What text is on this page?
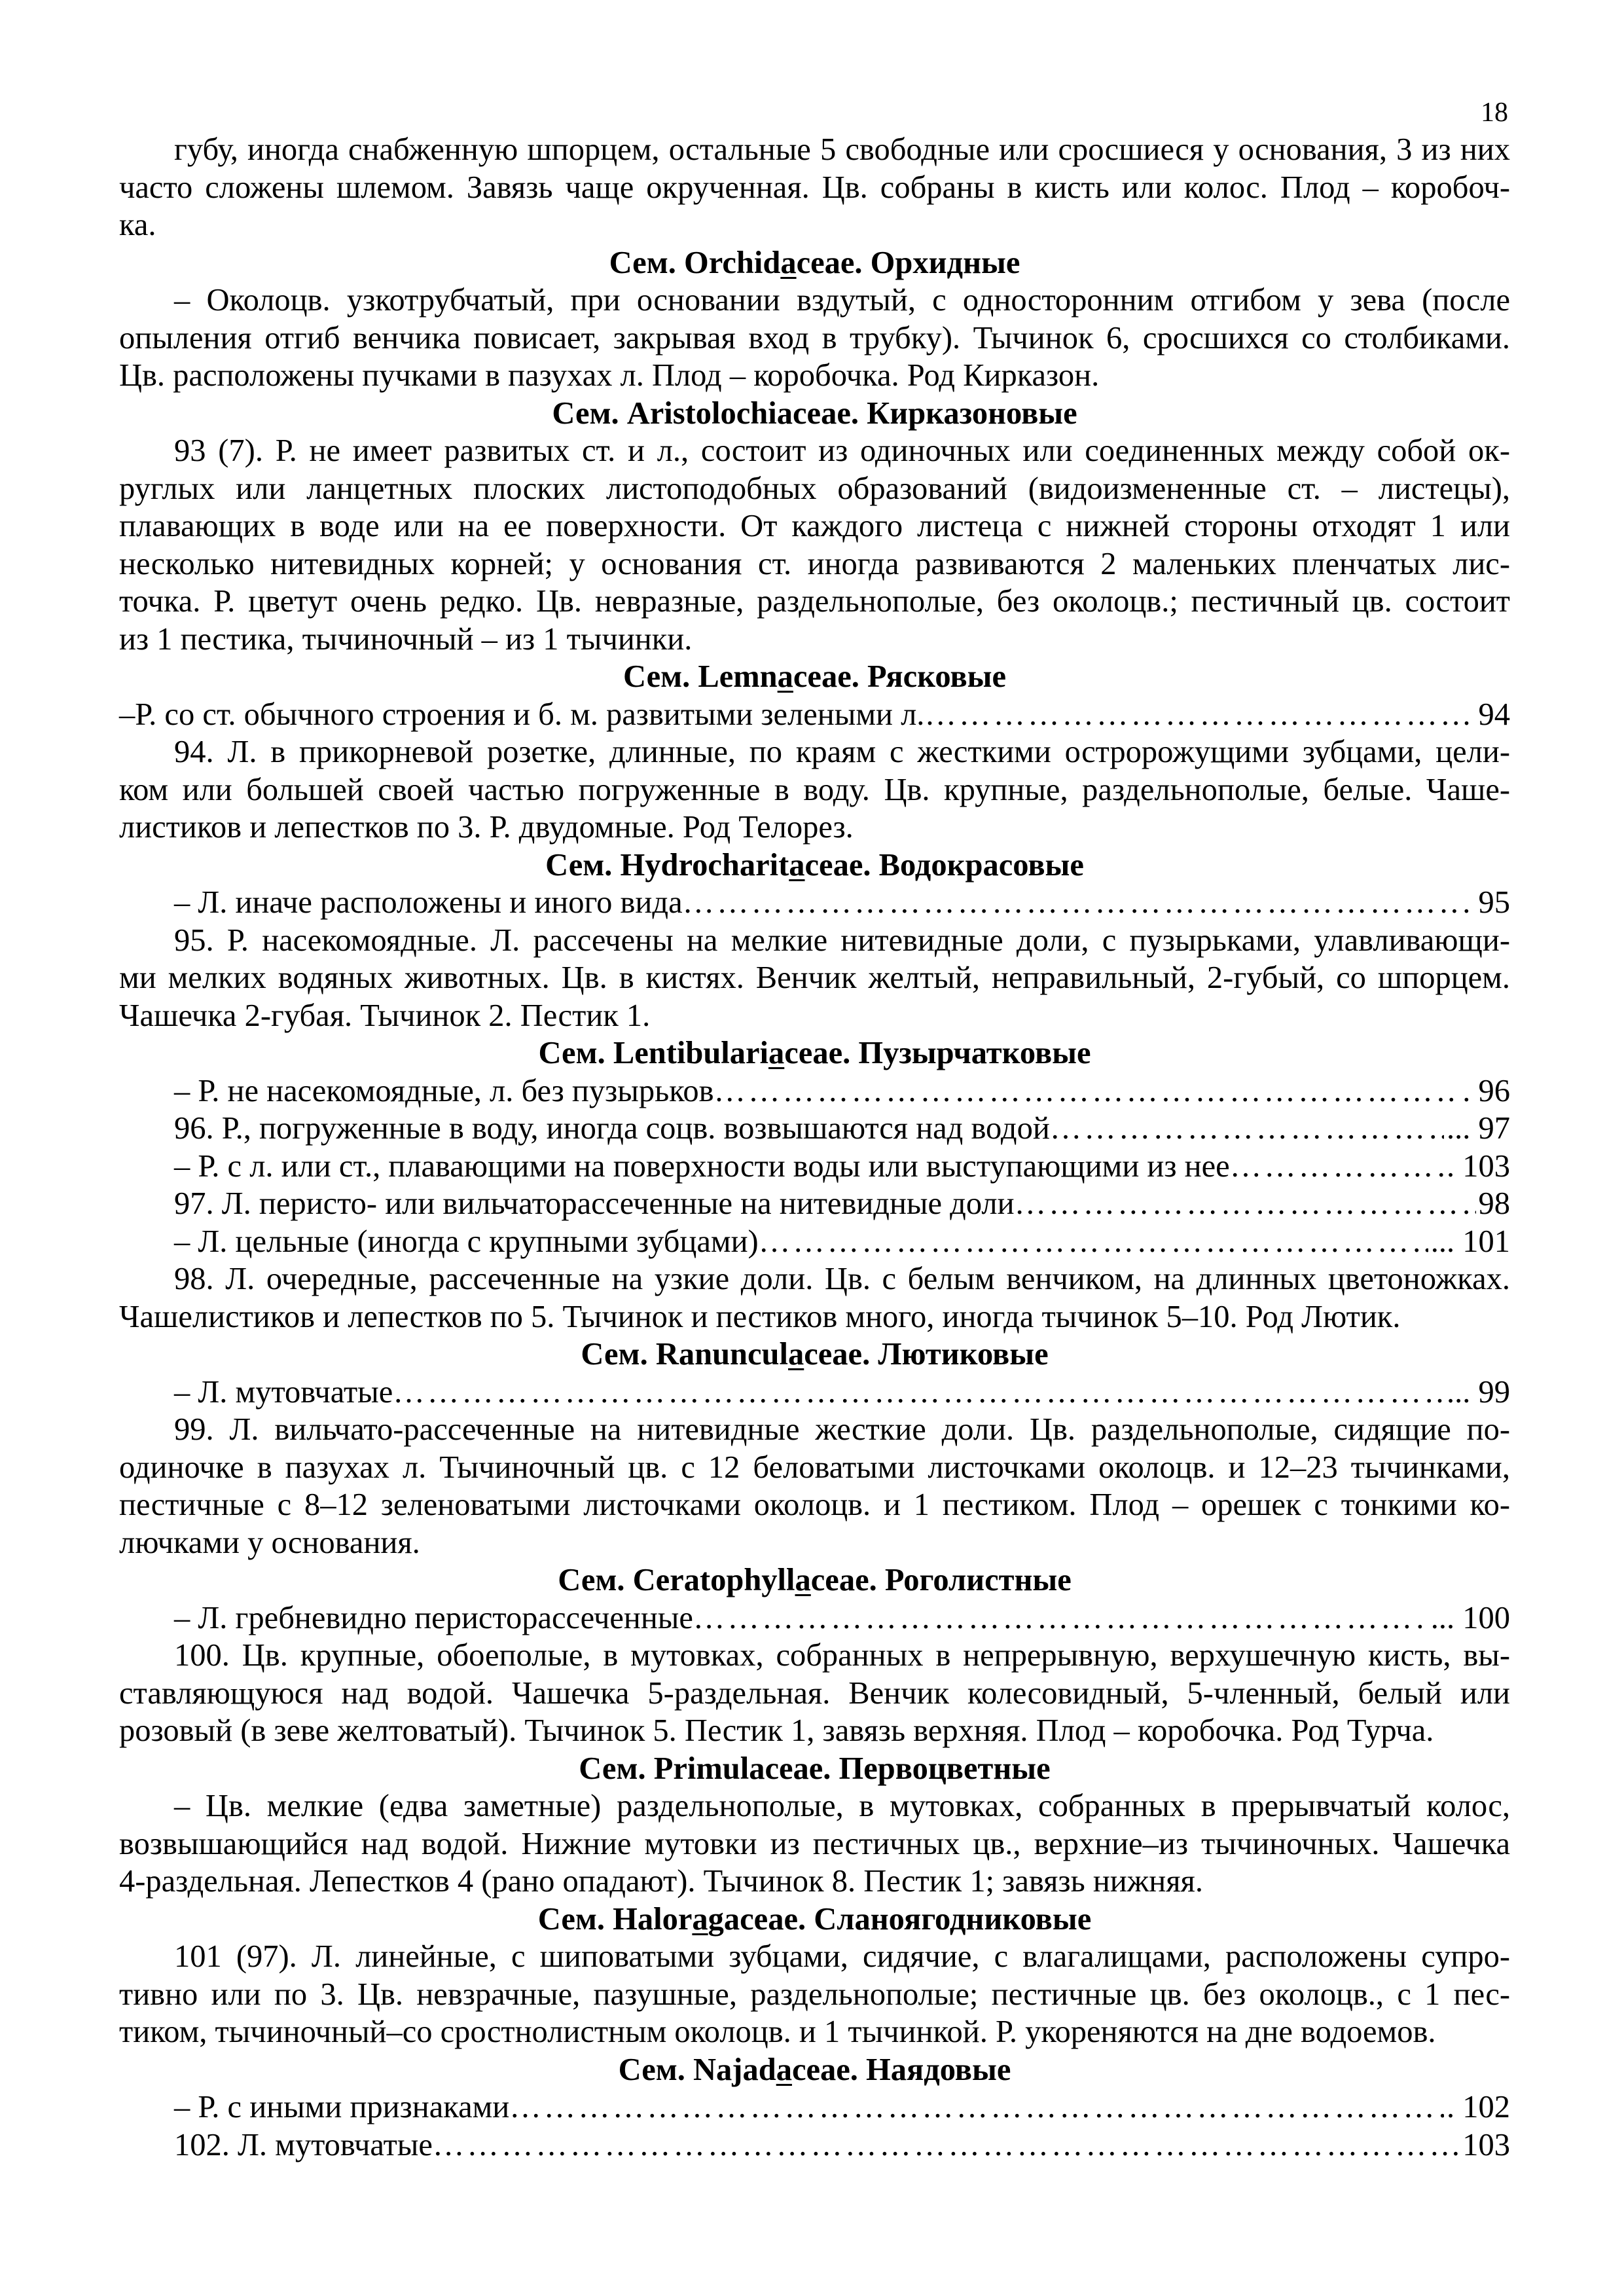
18
губу, иногда снабженную шпорцем, остальные 5 свободные или сросшиеся у основания, 3 из них
часто сложены шлемом. Завязь чаще окрученная. Цв. собраны в кисть или колос. Плод – коробоч-
ка.
Сем. Orchidaceae. Орхидные
– Околоцв. узкотрубчатый, при основании вздутый, с односторонним отгибом у зева (после
опыления отгиб венчика повисает, закрывая вход в трубку). Тычинок 6, сросшихся со столбиками.
Цв. расположены пучками в пазухах л. Плод – коробочка. Род Кирказон.
Сем. Aristolochiaceae. Кирказоновые
93 (7). Р. не имеет развитых ст. и л., состоит из одиночных или соединенных между собой ок-
руглых или ланцетных плоских листоподобных образований (видоизмененные ст. – листецы),
плавающих в воде или на ее поверхности. От каждого листеца с нижней стороны отходят 1 или
несколько нитевидных корней; у основания ст. иногда развиваются 2 маленьких пленчатых лис-
точка. Р. цветут очень редко. Цв. невразные, раздельнополые, без околоцв.; пестичный цв. состоит
из 1 пестика, тычиночный – из 1 тычинки.
Сем. Lemnaceae. Рясковые
–Р. со ст. обычного строения и б. м. развитыми зелеными л. ……………………………………………………………………………………………………………………………………………………………………………………………………………………………	94
94. Л. в прикорневой розетке, длинные, по краям с жесткими остророжущими зубцами, цели-
ком или большей своей частью погруженные в воду. Цв. крупные, раздельнополые, белые. Чаше-
листиков и лепестков по 3. Р. двудомные. Род Телорез.
Сем. Hydrocharitaceae. Водокрасовые
– Л. иначе расположены и иного вида ……………………………………………………………………………………………………………………………………………………………………………………………………………………………	. 95
95. Р. насекомоядные. Л. рассечены на мелкие нитевидные доли, с пузырьками, улавливающи-
ми мелких водяных животных. Цв. в кистях. Венчик желтый, неправильный, 2-губый, со шпорцем.
Чашечка 2-губая. Тычинок 2. Пестик 1.
Сем. Lentibulariaceae. Пузырчатковые
– Р. не насекомоядные, л. без пузырьков ……………………………………………………………………………………………………………………………………………………………………………………………………………………………	. 96
96. Р., погруженные в воду, иногда соцв. возвышаются над водой ……………………………………………………………………………………………………………………………………………………………………………………………………………………………	... 97
– Р. с л. или ст., плавающими на поверхности воды или выступающими из нее ……………………………………………………………………………………………………………………………………………………………………………………………………………………………	. 103
97. Л. перисто- или вильчаторассеченные на нитевидные доли ……………………………………………………………………………………………………………………………………………………………………………………………………………………………	98
– Л. цельные (иногда с крупными зубцами) ……………………………………………………………………………………………………………………………………………………………………………………………………………………………	... 101
98. Л. очередные, рассеченные на узкие доли. Цв. с белым венчиком, на длинных цветоножках.
Чашелистиков и лепестков по 5. Тычинок и пестиков много, иногда тычинок 5–10. Род Лютик.
Сем. Ranunculaceae. Лютиковые
– Л. мутовчатые ……………………………………………………………………………………………………………………………………………………………………………………………………………………………	... 99
99. Л. вильчато-рассеченные на нитевидные жесткие доли. Цв. раздельнополые, сидящие по-
одиночке в пазухах л. Тычиночный цв. с 12 беловатыми листочками околоцв. и 12–23 тычинками,
пестичные с 8–12 зеленоватыми листочками околоцв. и 1 пестиком. Плод – орешек с тонкими ко-
лючками у основания.
Сем. Ceratophyllaceae. Роголистные
– Л. гребневидно перисторассеченные ……………………………………………………………………………………………………………………………………………………………………………………………………………………………	... 100
100. Цв. крупные, обоеполые, в мутовках, собранных в непрерывную, верхушечную кисть, вы-
ставляющуюся над водой. Чашечка 5-раздельная. Венчик колесовидный, 5-членный, белый или
розовый (в зеве желтоватый). Тычинок 5. Пестик 1, завязь верхняя. Плод – коробочка. Род Турча.
Сем. Primulaceae. Первоцветные
– Цв. мелкие (едва заметные) раздельнополые, в мутовках, собранных в прерывчатый колос,
возвышающийся над водой. Нижние мутовки из пестичных цв., верхние–из тычиночных. Чашечка
4-раздельная. Лепестков 4 (рано опадают). Тычинок 8. Пестик 1; завязь нижняя.
Сем. Haloragaceae. Сланоягодниковые
101 (97). Л. линейные, с шиповатыми зубцами, сидячие, с влагалищами, расположены супро-
тивно или по 3. Цв. невзрачные, пазушные, раздельнополые; пестичные цв. без околоцв., с 1 пес-
тиком, тычиночный–со сростнолистным околоцв. и 1 тычинкой. Р. укореняются на дне водоемов.
Сем. Najadaceae. Наядовые
– Р. с иными признаками ……………………………………………………………………………………………………………………………………………………………………………………………………………………………	. 102
102. Л. мутовчатые ……………………………………………………………………………………………………………………………………………………………………………………………………………………………	103
